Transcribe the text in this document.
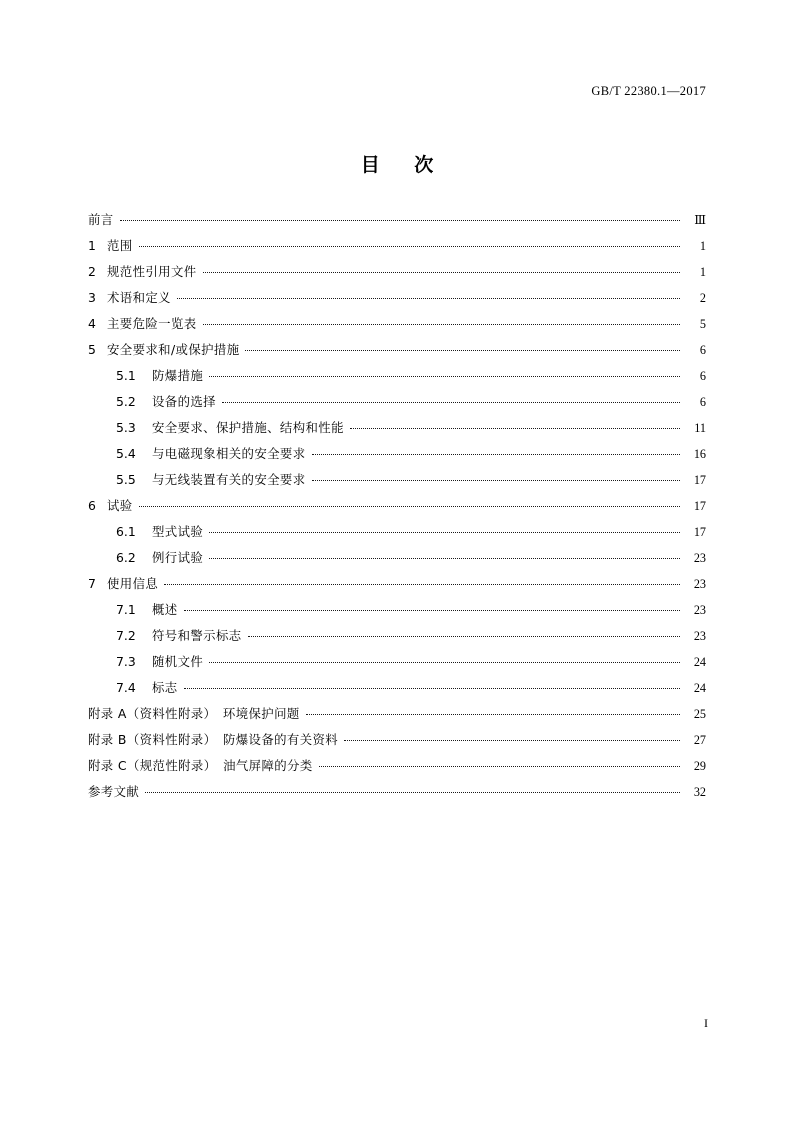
GB/T 22380.1—2017
目 次
前言	Ⅲ
1 范围	1
2 规范性引用文件	1
3 术语和定义	2
4 主要危险一览表	5
5 安全要求和/或保护措施	6
5.1	防爆措施	6
5.2	设备的选择	6
5.3	安全要求、保护措施、结构和性能	11
5.4	与电磁现象相关的安全要求	16
5.5	与无线装置有关的安全要求	17
6 试验	17
6.1	型式试验	17
6.2	例行试验	23
7 使用信息	23
7.1	概述	23
7.2	符号和警示标志	23
7.3	随机文件	24
7.4	标志	24
附录 A（资料性附录）　环境保护问题	25
附录 B（资料性附录）　防爆设备的有关资料	27
附录 C（规范性附录）　油气屏障的分类	29
参考文献	32
I
